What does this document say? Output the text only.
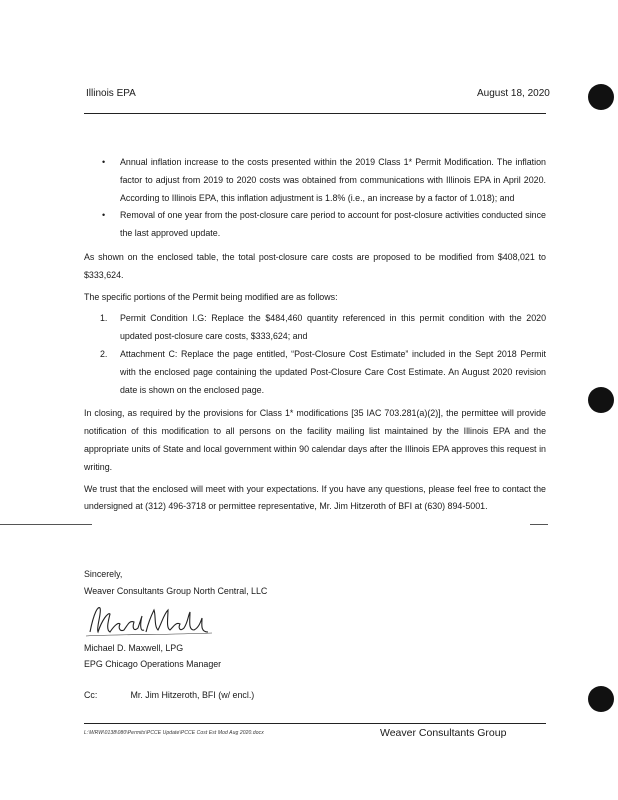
Illinois EPA	August 18, 2020
• Annual inflation increase to the costs presented within the 2019 Class 1* Permit Modification. The inflation factor to adjust from 2019 to 2020 costs was obtained from communications with Illinois EPA in April 2020. According to Illinois EPA, this inflation adjustment is 1.8% (i.e., an increase by a factor of 1.018); and
• Removal of one year from the post-closure care period to account for post-closure activities conducted since the last approved update.

As shown on the enclosed table, the total post-closure care costs are proposed to be modified from $408,021 to $333,624.

The specific portions of the Permit being modified are as follows:

1. Permit Condition I.G: Replace the $484,460 quantity referenced in this permit condition with the 2020 updated post-closure care costs, $333,624; and
2. Attachment C: Replace the page entitled, “Post-Closure Cost Estimate” included in the Sept 2018 Permit with the enclosed page containing the updated Post-Closure Care Cost Estimate. An August 2020 revision date is shown on the enclosed page.

In closing, as required by the provisions for Class 1* modifications [35 IAC 703.281(a)(2)], the permittee will provide notification of this modification to all persons on the facility mailing list maintained by the Illinois EPA and the appropriate units of State and local government within 90 calendar days after the Illinois EPA approves this request in writing.

We trust that the enclosed will meet with your expectations. If you have any questions, please feel free to contact the undersigned at (312) 496-3718 or permittee representative, Mr. Jim Hitzeroth of BFI at (630) 894-5001.

Sincerely,
Weaver Consultants Group North Central, LLC
Michael D. Maxwell, LPG
EPG Chicago Operations Manager
Cc:	Mr. Jim Hitzeroth, BFI (w/ encl.)
L:\WRW\0138\080\Permits\PCCE Update\PCCE Cost Est Mod Aug 2020.docx	Weaver Consultants Group
